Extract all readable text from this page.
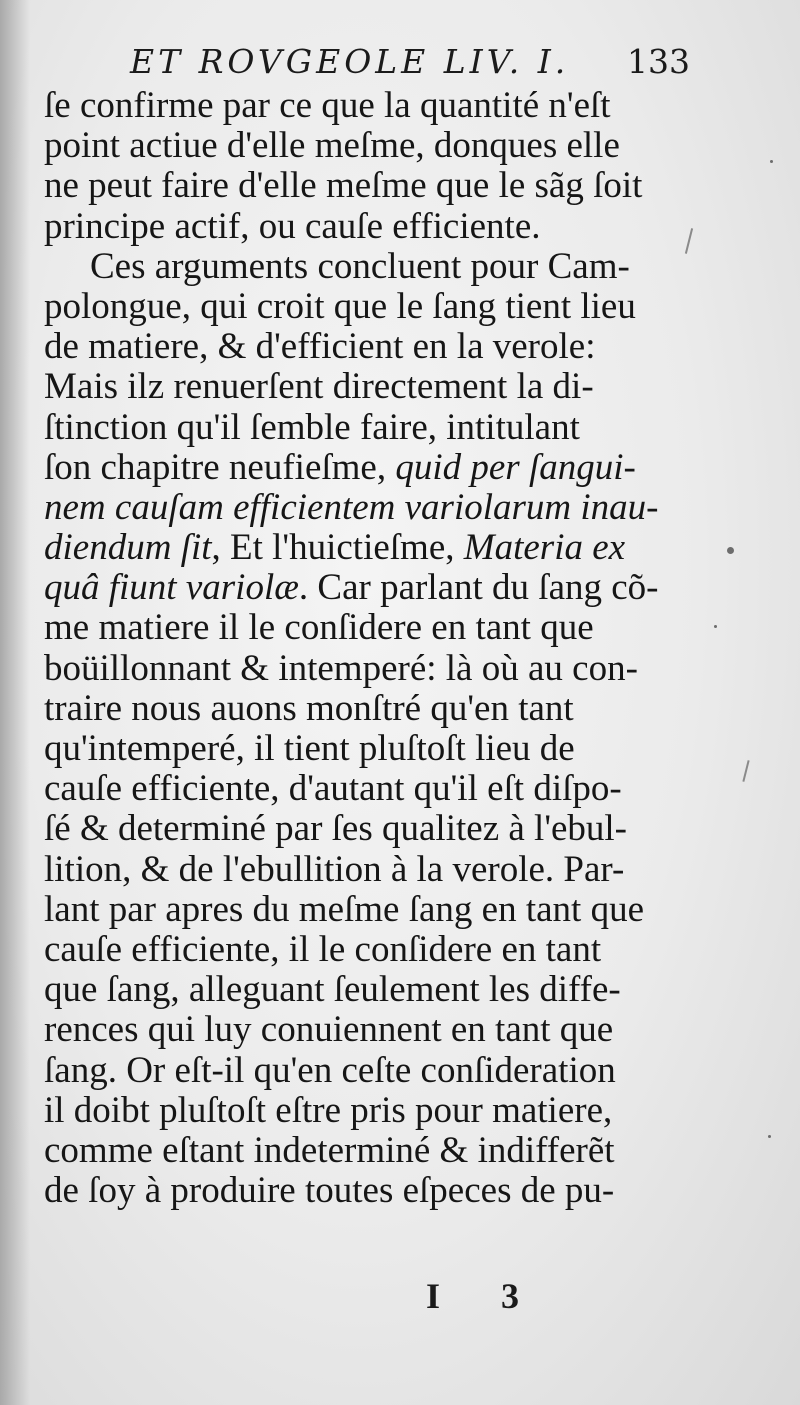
ET ROVGEOLE LIV. I. 133
ſe confirme par ce que la quantité n'eſt
point actiue d'elle meſme, donques elle
ne peut faire d'elle meſme que le sãg ſoit
principe actif, ou cauſe efficiente.
Ces arguments concluent pour Cam-
polongue, qui croit que le ſang tient lieu
de matiere, & d'efficient en la verole:
Mais ilz renuerſent directement la di-
ſtinction qu'il ſemble faire, intitulant
ſon chapitre neufieſme, quid per ſangui-
nem cauſam efficientem variolarum inau-
diendum ſit, Et l'huictieſme, Materia ex
quâ fiunt variolæ. Car parlant du ſang cõ-
me matiere il le conſidere en tant que
boüillonnant & intemperé: là où au con-
traire nous auons monſtré qu'en tant
qu'intemperé, il tient pluſtoſt lieu de
cauſe efficiente, d'autant qu'il eſt diſpo-
ſé & determiné par ſes qualitez à l'ebul-
lition, & de l'ebullition à la verole. Par-
lant par apres du meſme ſang en tant que
cauſe efficiente, il le conſidere en tant
que ſang, alleguant ſeulement les diffe-
rences qui luy conuiennent en tant que
ſang. Or eſt-il qu'en ceſte conſideration
il doibt pluſtoſt eſtre pris pour matiere,
comme eſtant indeterminé & indifferẽt
de ſoy à produire toutes eſpeces de pu-
I 3
